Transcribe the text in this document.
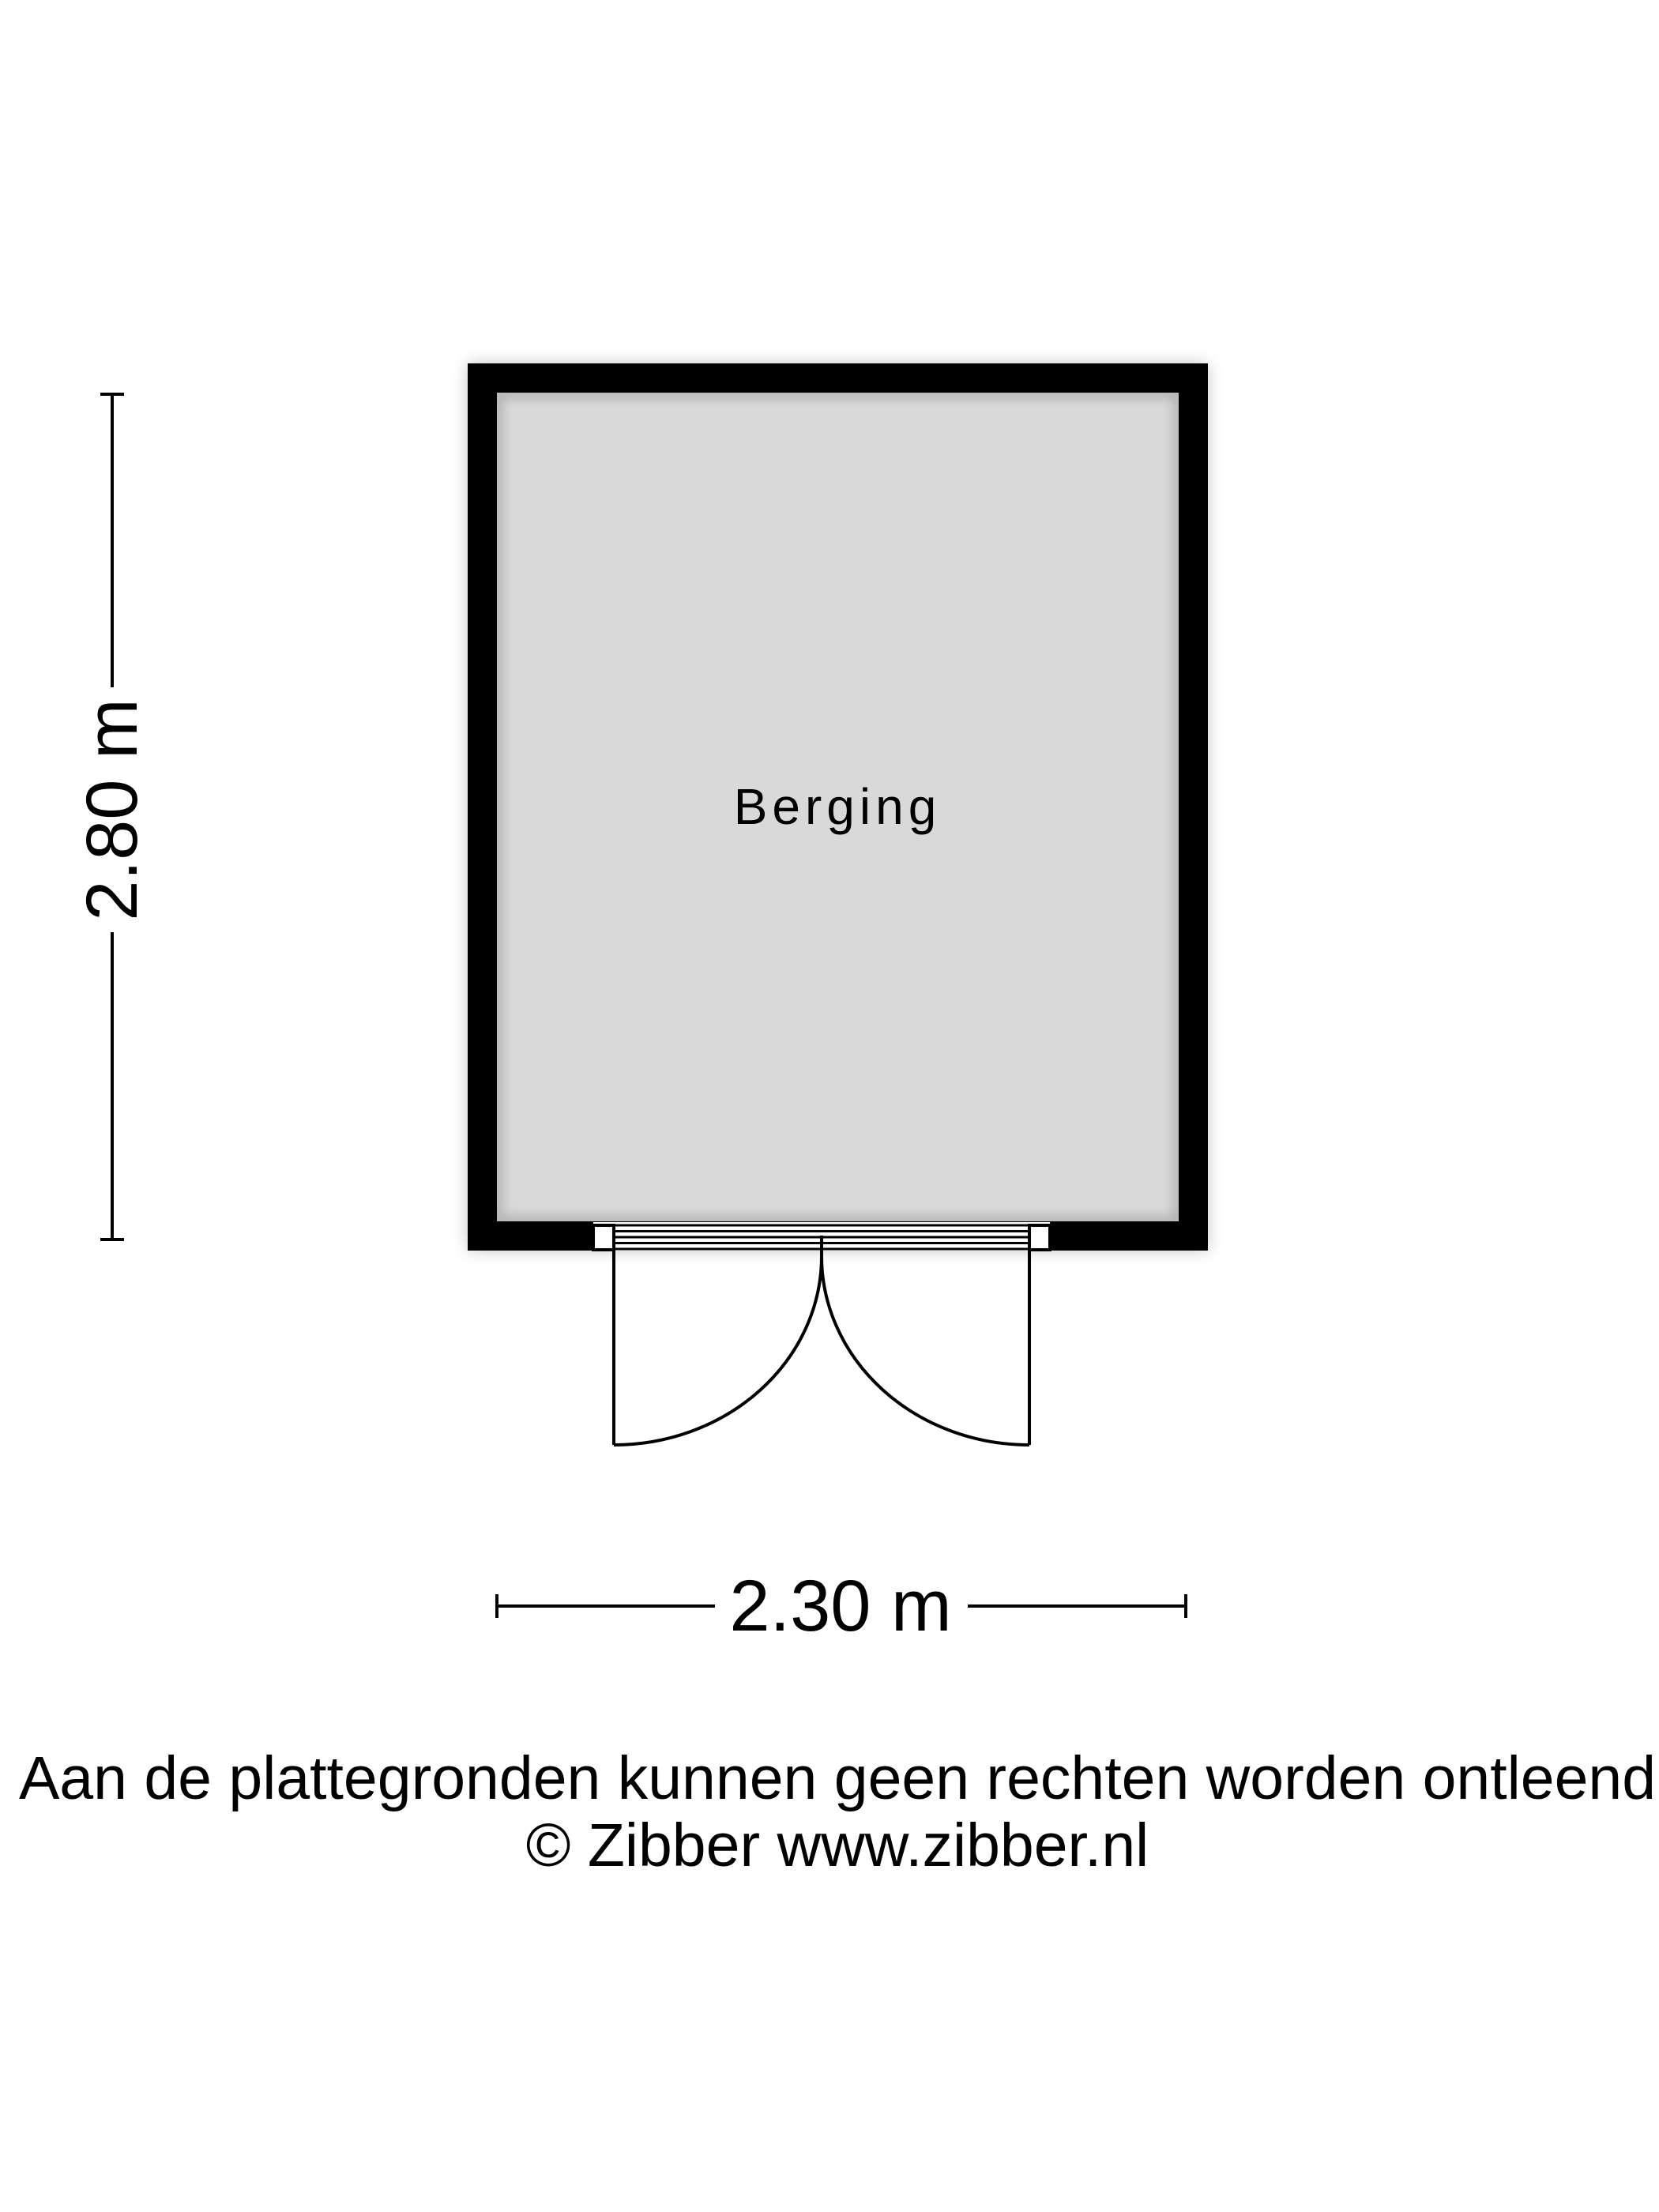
Berging
2.80 m
2.30 m
Aan de plattegronden kunnen geen rechten worden ontleend
© Zibber www.zibber.nl
